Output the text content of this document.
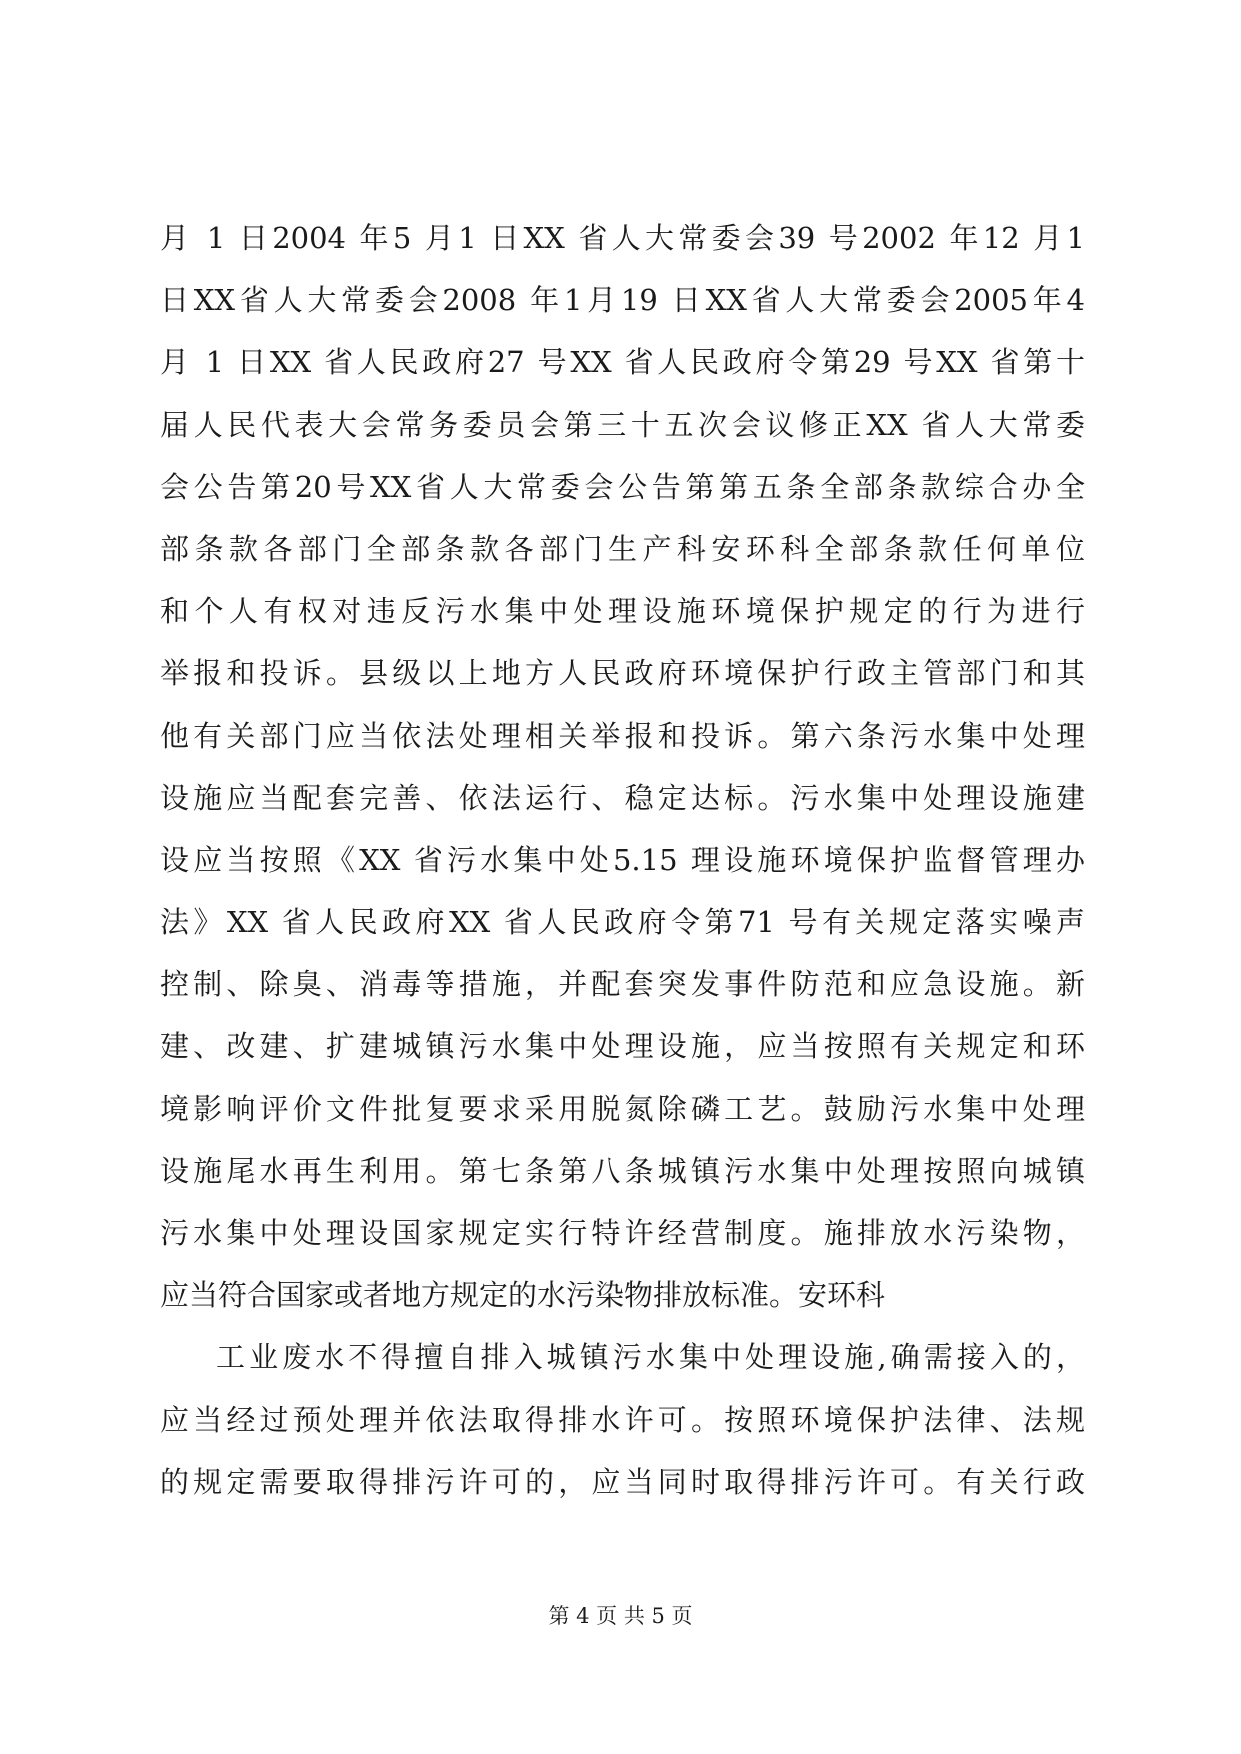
月 1 日2004 年5 月1 日XX 省人大常委会39 号2002 年12 月1
日XX省人大常委会2008 年1月19 日XX省人大常委会2005年4
月 1 日XX 省人民政府27 号XX 省人民政府令第29 号XX 省第十
届人民代表大会常务委员会第三十五次会议修正XX 省人大常委
会公告第20号XX省人大常委会公告第第五条全部条款综合办全
部条款各部门全部条款各部门生产科安环科全部条款任何单位
和个人有权对违反污水集中处理设施环境保护规定的行为进行
举报和投诉。县级以上地方人民政府环境保护行政主管部门和其
他有关部门应当依法处理相关举报和投诉。第六条污水集中处理
设施应当配套完善、依法运行、稳定达标。污水集中处理设施建
设应当按照《XX 省污水集中处5.15 理设施环境保护监督管理办
法》XX 省人民政府XX 省人民政府令第71 号有关规定落实噪声
控制、除臭、消毒等措施，并配套突发事件防范和应急设施。新
建、改建、扩建城镇污水集中处理设施，应当按照有关规定和环
境影响评价文件批复要求采用脱氮除磷工艺。鼓励污水集中处理
设施尾水再生利用。第七条第八条城镇污水集中处理按照向城镇
污水集中处理设国家规定实行特许经营制度。施排放水污染物，
应当符合国家或者地方规定的水污染物排放标准。安环科
工业废水不得擅自排入城镇污水集中处理设施,确需接入的，
应当经过预处理并依法取得排水许可。按照环境保护法律、法规
的规定需要取得排污许可的，应当同时取得排污许可。有关行政
第 4 页 共 5 页
